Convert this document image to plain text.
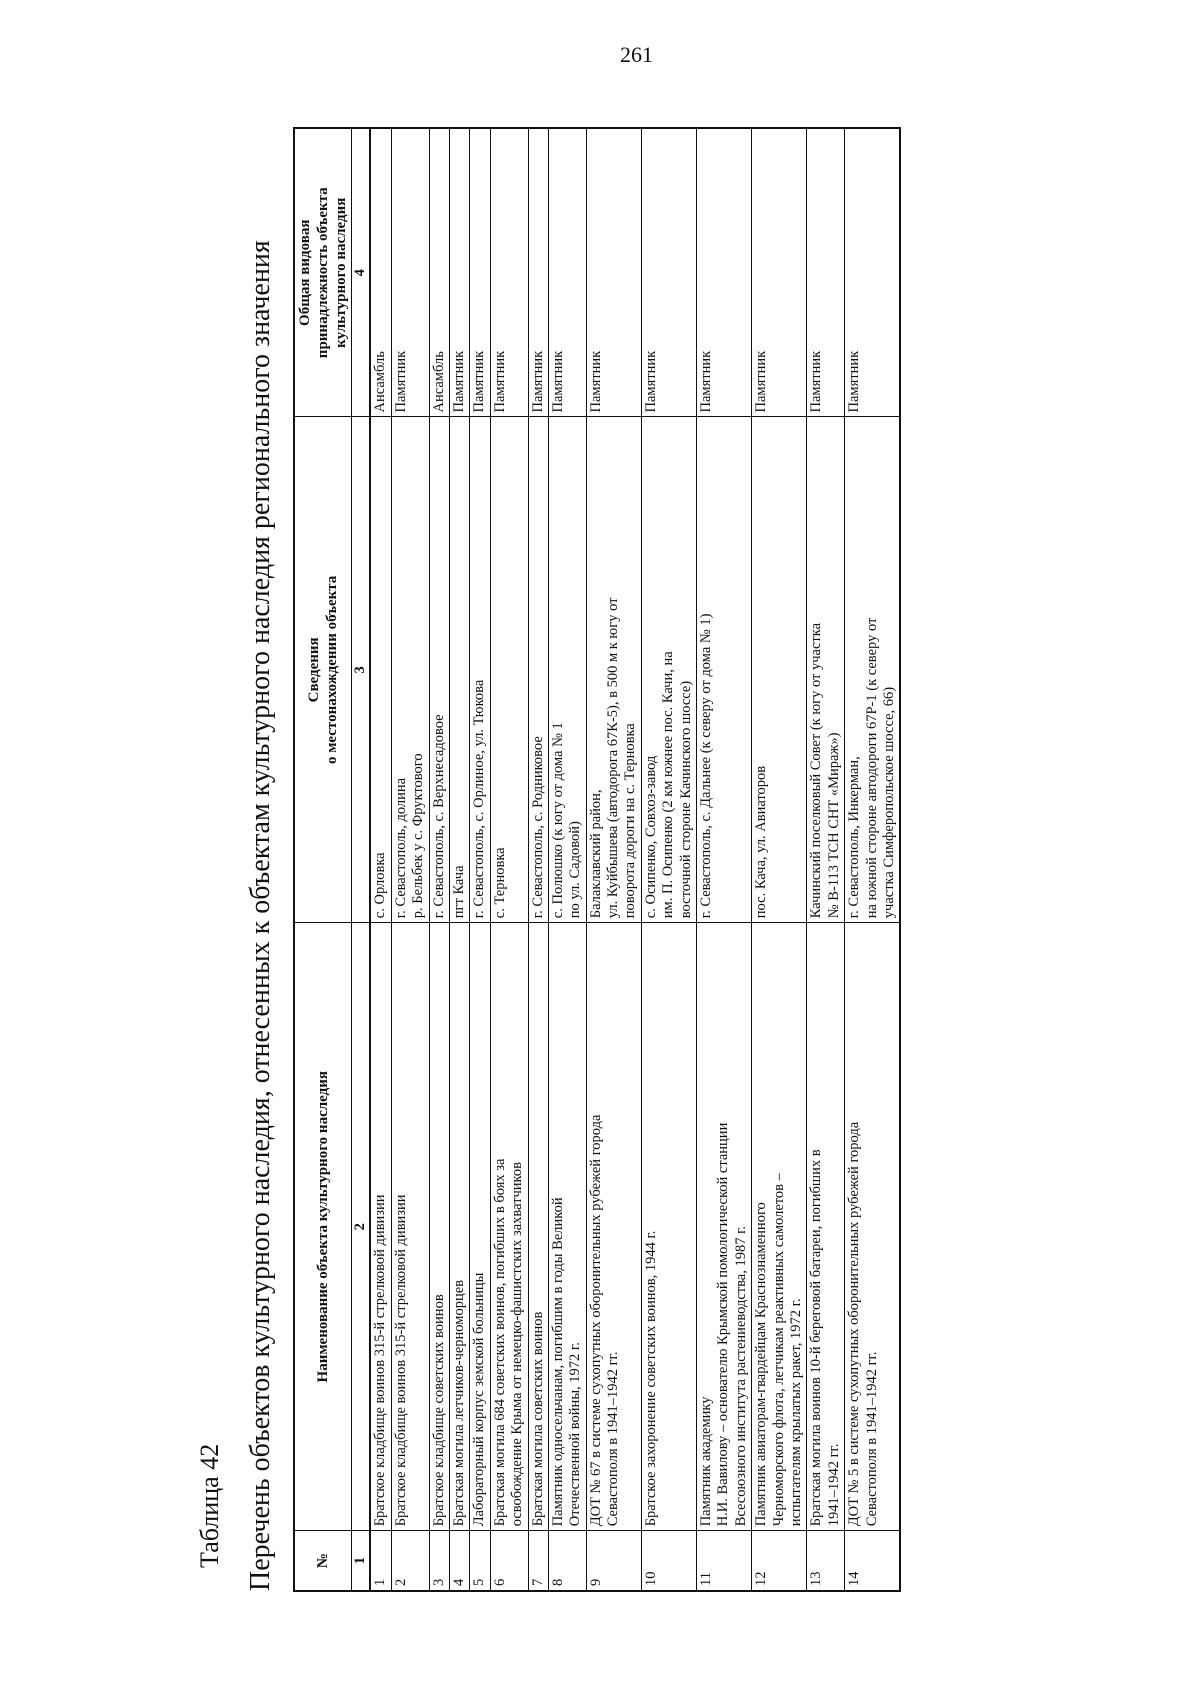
261
Таблица 42 Перечень объектов культурного наследия, отнесенных к объектам культурного наследия регионального значения	№	Наименование объекта культурного наследия	Сведения о местонахождении объекта	Общая видовая принадлежность объекта культурного наследия

1	2	3	4

1	Братское кладбище воинов 315-й стрелковой дивизии	с. Орловка	Ансамбль

2	Братское кладбище воинов 315-й стрелковой дивизии	г. Севастополь, долина р. Бельбек у с. Фруктового	Памятник

3	Братское кладбище советских воинов	г. Севастополь, с. Верхнесадовое	Ансамбль

4	Братская могила летчиков-черноморцев	пгт Кача	Памятник

5	Лабораторный корпус земской больницы	г. Севастополь, с. Орлиное, ул. Тюкова	Памятник

6	Братская могила 684 советских воинов, погибших в боях за освобождение Крыма от немецко-фашистских захватчиков	с. Терновка	Памятник

7	Братская могила советских воинов	г. Севастополь, с. Родниковое	Памятник

8	Памятник односельчанам, погибшим в годы Великой Отечественной войны, 1972 г.	с. Полюшко (к югу от дома № 1 по ул. Садовой)	Памятник

9	ДОТ № 67 в системе сухопутных оборонительных рубежей города Севастополя в 1941–1942 гг.	Балаклавский район, ул. Куйбышева (автодорога 67К-5), в 500 м к югу от поворота дороги на с. Терновка	Памятник

10	Братское захоронение советских воинов, 1944 г.	с. Осипенко, Совхоз-завод им. П. Осипенко (2 км южнее пос. Качи, на восточной стороне Качинского шоссе)	Памятник

11	Памятник академику Н.И. Вавилову – основателю Крымской помологической станции Всесоюзного института растениеводства, 1987 г.	г. Севастополь, с. Дальнее (к северу от дома № 1)	Памятник

12	Памятник авиаторам-гвардейцам Краснознаменного Черноморского флота, летчикам реактивных самолетов – испытателям крылатых ракет, 1972 г.	пос. Кача, ул. Авиаторов	Памятник

13	Братская могила воинов 10-й береговой батареи, погибших в 1941–1942 гг.	Качинский поселковый Совет (к югу от участка № В-113 ТСН СНТ «Мираж»)	Памятник

14	ДОТ № 5 в системе сухопутных оборонительных рубежей города Севастополя в 1941–1942 гг.	г. Севастополь, Инкерман, на южной стороне автодороги 67Р-1 (к северу от участка Симферопольское шоссе, 66)	Памятник
